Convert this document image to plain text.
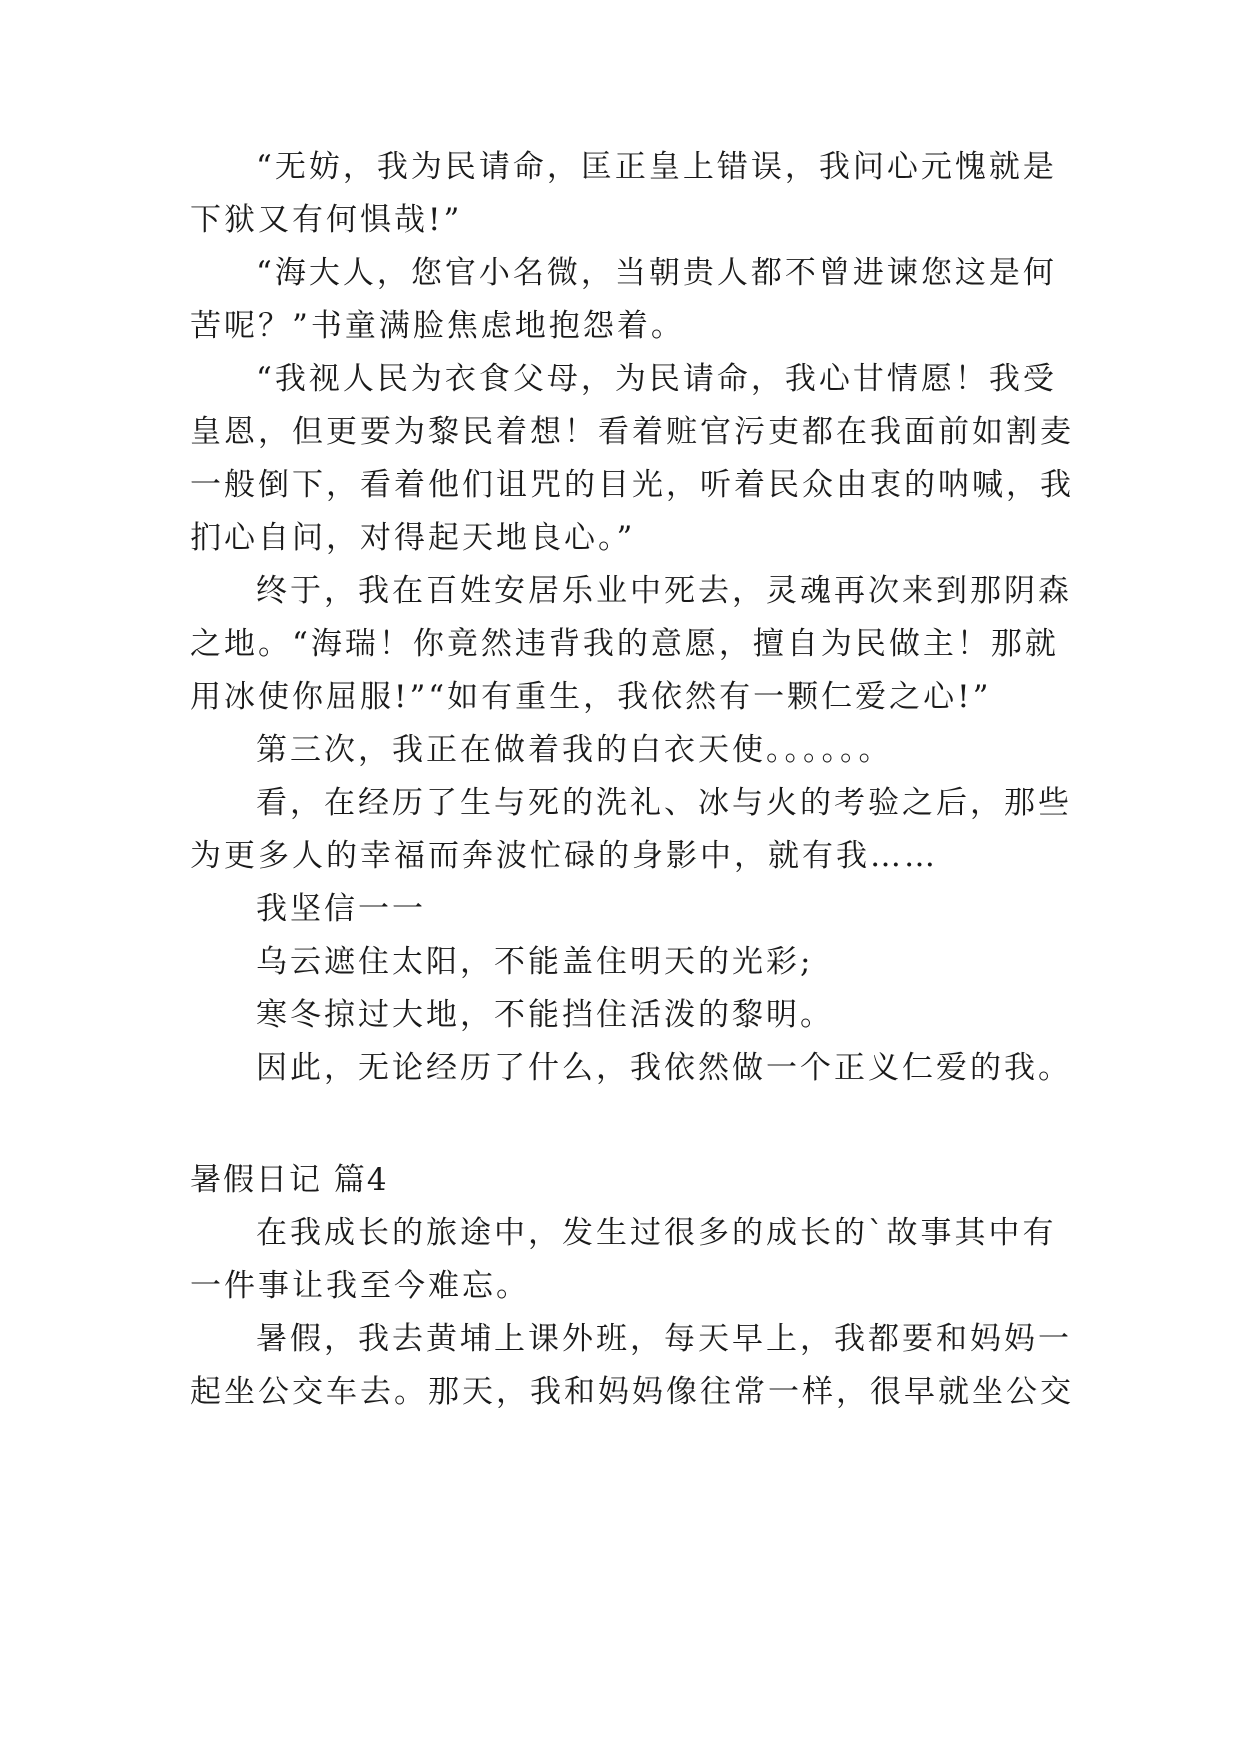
“无妨，我为民请命，匡正皇上错误，我问心元愧就是
下狱又有何惧哉!”
“海大人，您官小名微，当朝贵人都不曾进谏您这是何
苦呢？”书童满脸焦虑地抱怨着。
“我视人民为衣食父母，为民请命，我心甘情愿！我受
皇恩，但更要为黎民着想！看着赃官污吏都在我面前如割麦
一般倒下，看着他们诅咒的目光，听着民众由衷的呐喊，我
扪心自问，对得起天地良心。”
终于，我在百姓安居乐业中死去，灵魂再次来到那阴森
之地。“海瑞！你竟然违背我的意愿，擅自为民做主！那就
用冰使你屈服!”“如有重生，我依然有一颗仁爱之心!”
第三次，我正在做着我的白衣天使。。。。。。
看，在经历了生与死的洗礼、冰与火的考验之后，那些
为更多人的幸福而奔波忙碌的身影中，就有我……
我坚信一一
乌云遮住太阳，不能盖住明天的光彩;
寒冬掠过大地，不能挡住活泼的黎明。
因此，无论经历了什么，我依然做一个正义仁爱的我。
暑假日记 篇4
在我成长的旅途中，发生过很多的成长的`故事其中有
一件事让我至今难忘。
暑假，我去黄埔上课外班，每天早上，我都要和妈妈一
起坐公交车去。那天，我和妈妈像往常一样，很早就坐公交
